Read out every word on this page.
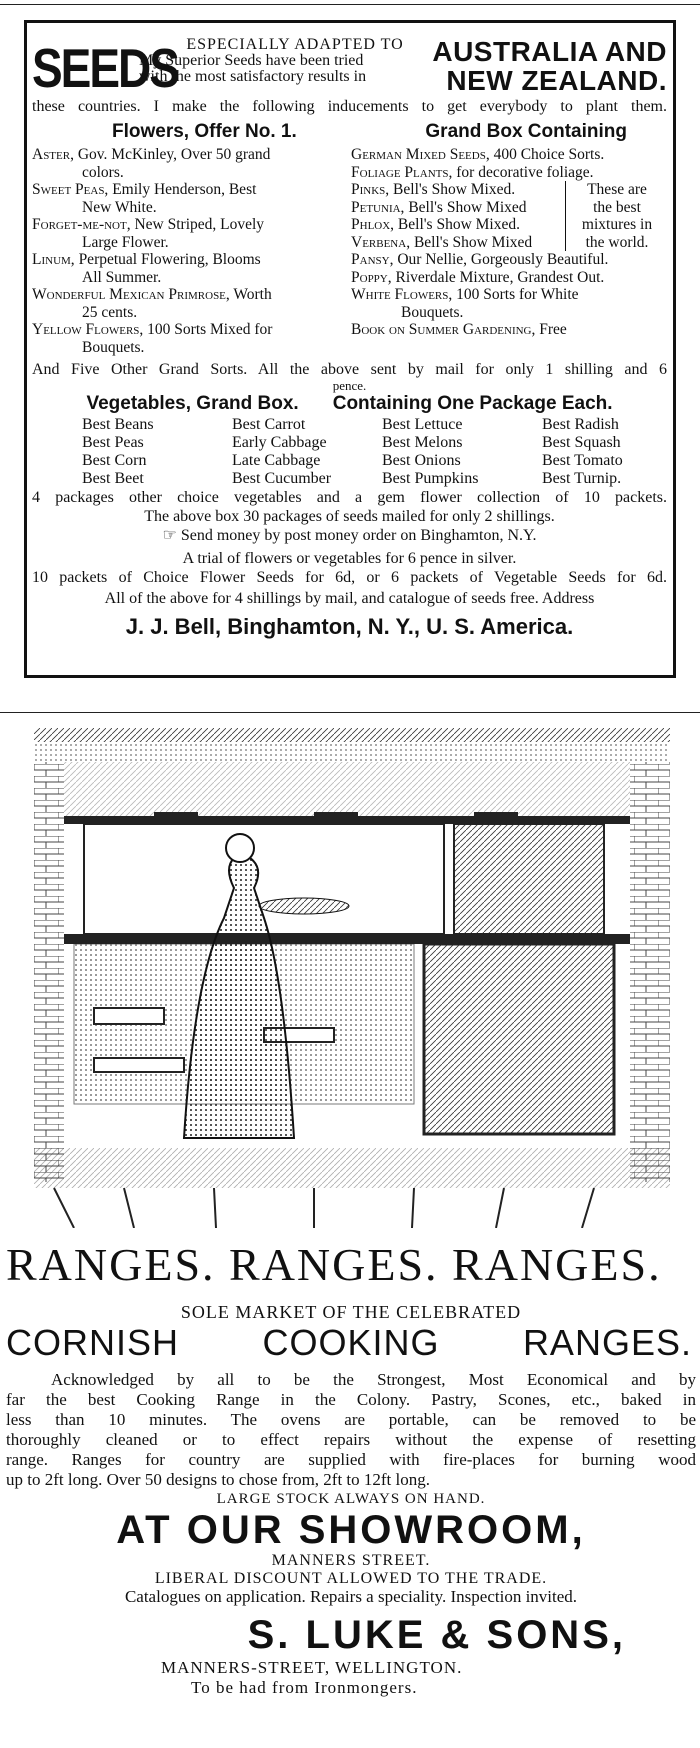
SEEDS ESPECIALLY ADAPTED TO
My Superior Seeds have been tried
with the most satisfactory results in
AUSTRALIA AND
NEW ZEALAND.
these countries. I make the following inducements to get everybody to plant them.
Flowers, Offer No. 1.	Grand Box Containing
Aster, Gov. McKinley, Over 50 grand
colors.
Sweet Peas, Emily Henderson, Best
New White.
Forget-me-not, New Striped, Lovely
Large Flower.
Linum, Perpetual Flowering, Blooms
All Summer.
Wonderful Mexican Primrose, Worth
25 cents.
Yellow Flowers, 100 Sorts Mixed for
Bouquets.
German Mixed Seeds, 400 Choice Sorts.
Foliage Plants, for decorative foliage.
Pinks, Bell's Show Mixed.
Petunia, Bell's Show Mixed
Phlox, Bell's Show Mixed.
Verbena, Bell's Show Mixed
These are
the best
mixtures in
the world.
Pansy, Our Nellie, Gorgeously Beautiful.
Poppy, Riverdale Mixture, Grandest Out.
White Flowers, 100 Sorts for White
Bouquets.
Book on Summer Gardening, Free
And Five Other Grand Sorts. All the above sent by mail for only 1 shilling and 6
pence.
Vegetables, Grand Box. Containing One Package Each.
Best Beans	Best Carrot	Best Lettuce	Best Radish
Best Peas	Early Cabbage	Best Melons	Best Squash
Best Corn	Late Cabbage	Best Onions	Best Tomato
Best Beet	Best Cucumber	Best Pumpkins	Best Turnip.
4 packages other choice vegetables and a gem flower collection of 10 packets.
The above box 30 packages of seeds mailed for only 2 shillings.
☞ Send money by post money order on Binghamton, N.Y.
A trial of flowers or vegetables for 6 pence in silver.
10 packets of Choice Flower Seeds for 6d, or 6 packets of Vegetable Seeds for 6d.
All of the above for 4 shillings by mail, and catalogue of seeds free. Address
J. J. Bell, Binghamton, N. Y., U. S. America.
RANGES. RANGES. RANGES.
SOLE MARKET OF THE CELEBRATED
CORNISH COOKING RANGES.
Acknowledged by all to be the Strongest, Most Economical and by
far the best Cooking Range in the Colony. Pastry, Scones, etc., baked in
less than 10 minutes. The ovens are portable, can be removed to be
thoroughly cleaned or to effect repairs without the expense of resetting
range. Ranges for country are supplied with fire-places for burning wood
up to 2ft long. Over 50 designs to chose from, 2ft to 12ft long.
LARGE STOCK ALWAYS ON HAND.
AT OUR SHOWROOM,
MANNERS STREET.
LIBERAL DISCOUNT ALLOWED TO THE TRADE.
Catalogues on application. Repairs a speciality. Inspection invited.
S. LUKE & SONS,
MANNERS-STREET, WELLINGTON.
To be had from Ironmongers.
